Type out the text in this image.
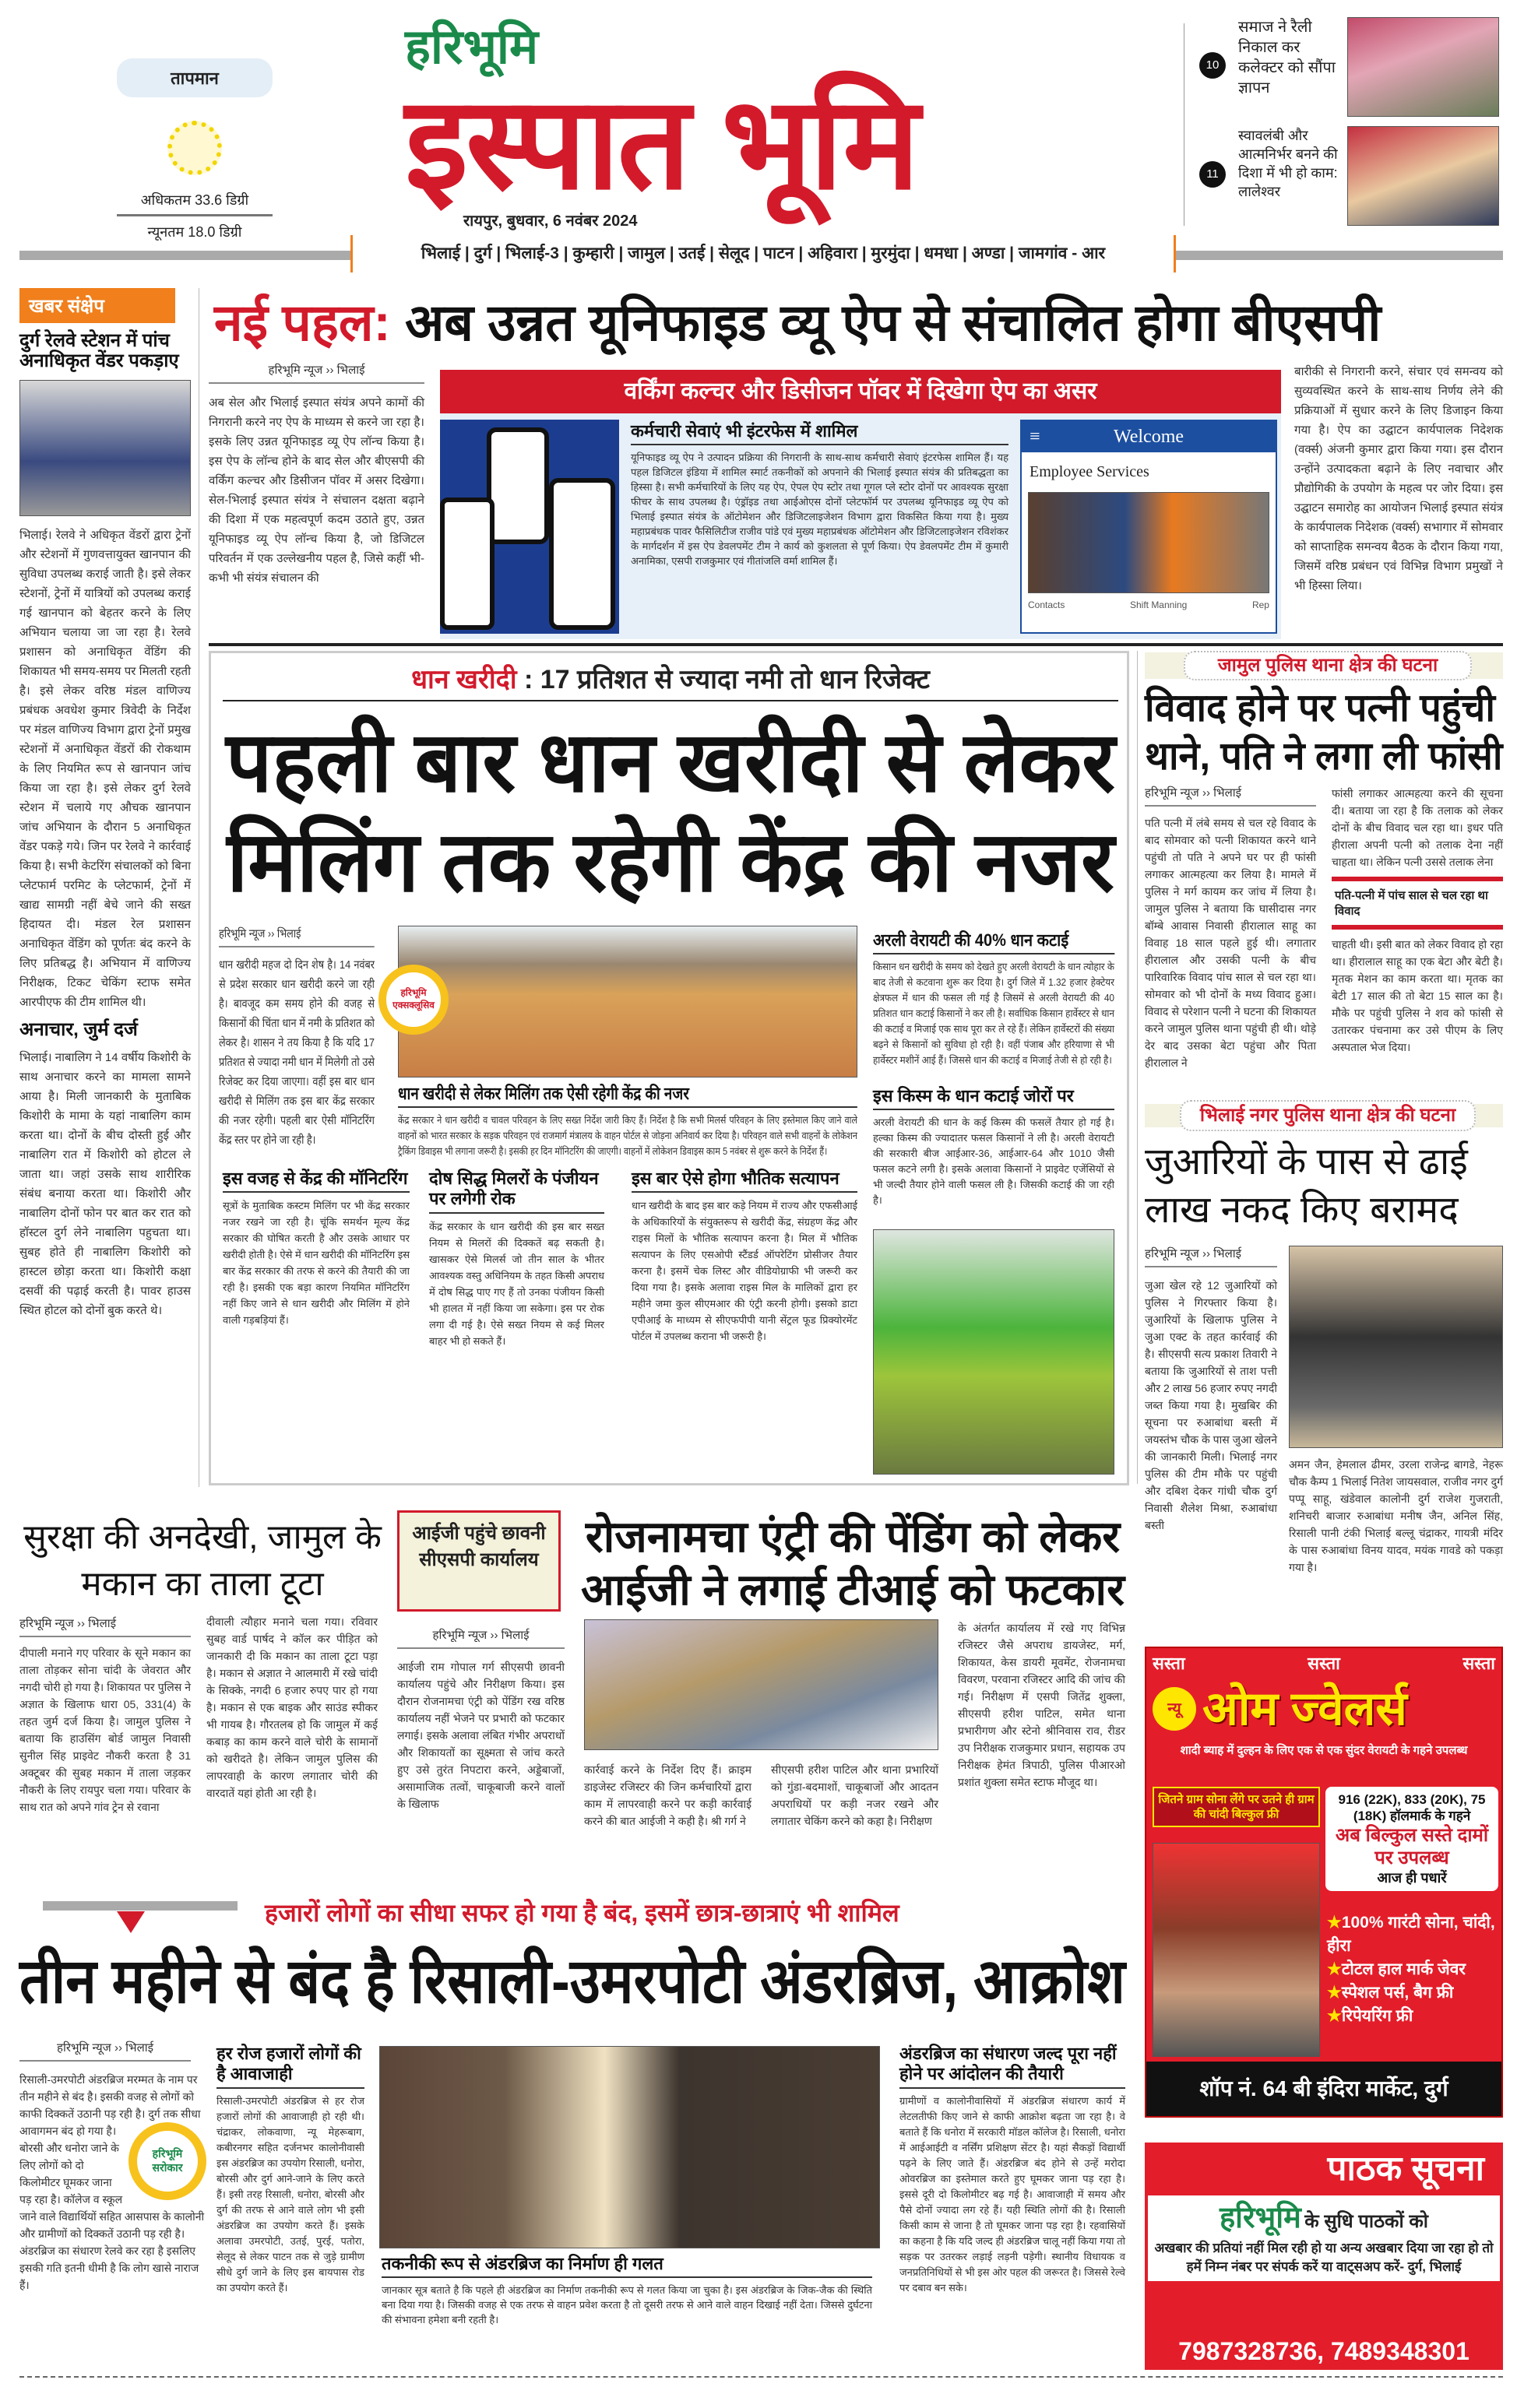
तापमान
अधिकतम 33.6 डिग्री
न्यूनतम 18.0 डिग्री
हरिभूमि
इस्पात भूमि
रायपुर, बुधवार, 6 नवंबर 2024
10
समाज ने रैली निकाल कर कलेक्टर को सौंपा ज्ञापन
11
स्वावलंबी और आत्मनिर्भर बनने की दिशा में भी हो काम: लालेश्वर
भिलाई | दुर्ग | भिलाई-3 | कुम्हारी | जामुल | उतई | सेलूद | पाटन | अहिवारा | मुरमुंदा | धमधा | अण्डा | जामगांव - आर
खबर संक्षेप
दुर्ग रेलवे स्टेशन में पांच अनाधिकृत वेंडर पकड़ाए
भिलाई। रेलवे ने अधिकृत वेंडरों द्वारा ट्रेनों और स्टेशनों में गुणवत्तायुक्त खानपान की सुविधा उपलब्ध कराई जाती है। इसे लेकर स्टेशनों, ट्रेनों में यात्रियों को उपलब्ध कराई गई खानपान को बेहतर करने के लिए अभियान चलाया जा जा रहा है। रेलवे प्रशासन को अनाधिकृत वेंडिंग की शिकायत भी समय-समय पर मिलती रहती है। इसे लेकर वरिष्ठ मंडल वाणिज्य प्रबंधक अवधेश कुमार त्रिवेदी के निर्देश पर मंडल वाणिज्य विभाग द्वारा ट्रेनों प्रमुख स्टेशनों में अनाधिकृत वेंडरों की रोकथाम के लिए नियमित रूप से खानपान जांच किया जा रहा है। इसे लेकर दुर्ग रेलवे स्टेशन में चलाये गए औचक खानपान जांच अभियान के दौरान 5 अनाधिकृत वेंडर पकड़े गये। जिन पर रेलवे ने कार्रवाई किया है। सभी केटरिंग संचालकों को बिना प्लेटफार्म परमिट के प्लेटफार्म, ट्रेनों में खाद्य सामग्री नहीं बेचे जाने की सख्त हिदायत दी। मंडल रेल प्रशासन अनाधिकृत वेंडिंग को पूर्णतः बंद करने के लिए प्रतिबद्ध है। अभियान में वाणिज्य निरीक्षक, टिकट चेकिंग स्टाफ समेत आरपीएफ की टीम शामिल थी।
अनाचार, जुर्म दर्ज
भिलाई। नाबालिग ने 14 वर्षीय किशोरी के साथ अनाचार करने का मामला सामने आया है। मिली जानकारी के मुताबिक किशोरी के मामा के यहां नाबालिग काम करता था। दोनों के बीच दोस्ती हुई और नाबालिग रात में किशोरी को होटल ले जाता था। जहां उसके साथ शारीरिक संबंध बनाया करता था। किशोरी और नाबालिग दोनों फोन पर बात कर रात को हॉस्टल दुर्ग लेने नाबालिग पहुचता था। सुबह होते ही नाबालिग किशोरी को हास्टल छोड़ा करता था। किशोरी कक्षा दसवीं की पढ़ाई करती है। पावर हाउस स्थित होटल को दोनों बुक करते थे।
नई पहल: अब उन्नत यूनिफाइड व्यू ऐप से संचालित होगा बीएसपी
हरिभूमि न्यूज ›› भिलाई
अब सेल और भिलाई इस्पात संयंत्र अपने कामों की निगरानी करने नए ऐप के माध्यम से करने जा रहा है। इसके लिए उन्नत यूनिफाइड व्यू ऐप लॉन्च किया है। इस ऐप के लॉन्च होने के बाद सेल और बीएसपी की वर्किंग कल्चर और डिसीजन पॉवर में असर दिखेगा। सेल-भिलाई इस्पात संयंत्र ने संचालन दक्षता बढ़ाने की दिशा में एक महत्वपूर्ण कदम उठाते हुए, उन्नत यूनिफाइड व्यू ऐप लॉन्च किया है, जो डिजिटल परिवर्तन में एक उल्लेखनीय पहल है, जिसे कहीं भी-कभी भी संयंत्र संचालन की
वर्किंग कल्चर और डिसीजन पॉवर में दिखेगा ऐप का असर
कर्मचारी सेवाएं भी इंटरफेस में शामिल
यूनिफाइड व्यू ऐप ने उत्पादन प्रक्रिया की निगरानी के साथ-साथ कर्मचारी सेवाएं इंटरफेस शामिल हैं। यह पहल डिजिटल इंडिया में शामिल स्मार्ट तकनीकों को अपनाने की भिलाई इस्पात संयंत्र की प्रतिबद्धता का हिस्सा है। सभी कर्मचारियों के लिए यह ऐप, ऐपल ऐप स्टोर तथा गूगल प्ले स्टोर दोनों पर आवश्यक सुरक्षा फीचर के साथ उपलब्ध है। एंड्रॉइड तथा आईओएस दोनों प्लेटफॉर्म पर उपलब्ध यूनिफाइड व्यू ऐप को भिलाई इस्पात संयंत्र के ऑटोमेशन और डिजिटलाइजेशन विभाग द्वारा विकसित किया गया है। मुख्य महाप्रबंधक पावर फैसिलिटीज राजीव पांडे एवं मुख्य महाप्रबंधक ऑटोमेशन और डिजिटलाइजेशन रविशंकर के मार्गदर्शन में इस ऐप डेवलपमेंट टीम ने कार्य को कुशलता से पूर्ण किया। ऐप डेवलपमेंट टीम में कुमारी अनामिका, एसपी राजकुमार एवं गीतांजलि वर्मा शामिल हैं।
≡	Welcome
Employee Services
Contacts	Shift Manning	Rep
बारीकी से निगरानी करने, संचार एवं समन्वय को सुव्यवस्थित करने के साथ-साथ निर्णय लेने की प्रक्रियाओं में सुधार करने के लिए डिजाइन किया गया है। ऐप का उद्घाटन कार्यपालक निदेशक (वर्क्स) अंजनी कुमार द्वारा किया गया। इस दौरान उन्होंने उत्पादकता बढ़ाने के लिए नवाचार और प्रौद्योगिकी के उपयोग के महत्व पर जोर दिया। इस उद्घाटन समारोह का आयोजन भिलाई इस्पात संयंत्र के कार्यपालक निदेशक (वर्क्स) सभागार में सोमवार को साप्ताहिक समन्वय बैठक के दौरान किया गया, जिसमें वरिष्ठ प्रबंधन एवं विभिन्न विभाग प्रमुखों ने भी हिस्सा लिया।
धान खरीदी : 17 प्रतिशत से ज्यादा नमी तो धान रिजेक्ट
पहली बार धान खरीदी से लेकर मिलिंग तक रहेगी केंद्र की नजर
हरिभूमि न्यूज ›› भिलाई
धान खरीदी महज दो दिन शेष है। 14 नवंबर से प्रदेश सरकार धान खरीदी करने जा रही है। बावजूद कम समय होने की वजह से किसानों की चिंता धान में नमी के प्रतिशत को लेकर है। शासन ने तय किया है कि यदि 17 प्रतिशत से ज्यादा नमी धान में मिलेगी तो उसे रिजेक्ट कर दिया जाएगा। वहीं इस बार धान खरीदी से मिलिंग तक इस बार केंद्र सरकार की नजर रहेगी। पहली बार ऐसी मॉनिटरिंग केंद्र स्तर पर होने जा रही है।
हरिभूमि एक्सक्लूसिव
धान खरीदी से लेकर मिलिंग तक ऐसी रहेगी केंद्र की नजर
केंद्र सरकार ने धान खरीदी व चावल परिवहन के लिए सख्त निर्देश जारी किए हैं। निर्देश है कि सभी मिलर्स परिवहन के लिए इस्तेमाल किए जाने वाले वाहनों को भारत सरकार के सड़क परिवहन एवं राजमार्ग मंत्रालय के वाहन पोर्टल से जोड़ना अनिवार्य कर दिया है। परिवहन वाले सभी वाहनों के लोकेशन ट्रैकिंग डिवाइस भी लगाना जरूरी है। इसकी हर दिन मॉनिटरिंग की जाएगी। वाहनों में लोकेशन डिवाइस काम 5 नवंबर से शुरू करने के निर्देश हैं।
अरली वेरायटी की 40% धान कटाई
किसान धन खरीदी के समय को देखते हुए अरली वेरायटी के धान त्योहार के बाद तेजी से कटवाना शुरू कर दिया है। दुर्ग जिले में 1.32 हजार हेक्टेयर क्षेत्रफल में धान की फसल ली गई है जिसमें से अरली वेरायटी की 40 प्रतिशत धान कटाई किसानों ने कर ली है। सर्वाधिक किसान हार्वेस्टर से धान की कटाई व मिजाई एक साथ पूरा कर ले रहे हैं। लेकिन हार्वेस्टरों की संख्या बढ़ने से किसानों को सुविधा हो रही है। वहीं पंजाब और हरियाणा से भी हार्वेस्टर मशीनें आई हैं। जिससे धान की कटाई व मिजाई तेजी से हो रही है।
इस किस्म के धान कटाई जोरों पर
अरली वेरायटी की धान के कई किस्म की फसलें तैयार हो गई है। हल्का किस्म की ज्यादातर फसल किसानों ने ली है। अरली वेरायटी की सरकारी बीज आईआर-36, आईआर-64 और 1010 जैसी फसल कटने लगी है। इसके अलावा किसानों ने प्राइवेट एजेंसियों से भी जल्दी तैयार होने वाली फसल ली है। जिसकी कटाई की जा रही है।
इस वजह से केंद्र की मॉनिटरिंग
सूत्रों के मुताबिक कस्टम मिलिंग पर भी केंद्र सरकार नजर रखने जा रही है। चूंकि समर्थन मूल्य केंद्र सरकार की घोषित करती है और उसके आधार पर खरीदी होती है। ऐसे में धान खरीदी की मॉनिटरिंग इस बार केंद्र सरकार की तरफ से करने की तैयारी की जा रही है। इसकी एक बड़ा कारण नियमित मॉनिटरिंग नहीं किए जाने से धान खरीदी और मिलिंग में होने वाली गड़बड़ियां हैं।
दोष सिद्ध मिलरों के पंजीयन पर लगेगी रोक
केंद्र सरकार के धान खरीदी की इस बार सख्त नियम से मिलरों की दिक्कतें बढ़ सकती है। खासकर ऐसे मिलर्स जो तीन साल के भीतर आवश्यक वस्तु अधिनियम के तहत किसी अपराध में दोष सिद्ध पाए गए हैं तो उनका पंजीयन किसी भी हालत में नहीं किया जा सकेगा। इस पर रोक लगा दी गई है। ऐसे सख्त नियम से कई मिलर बाहर भी हो सकते हैं।
इस बार ऐसे होगा भौतिक सत्यापन
धान खरीदी के बाद इस बार कड़े नियम में राज्य और एफसीआई के अधिकारियों के संयुक्तरूप से खरीदी केंद्र, संग्रहण केंद्र और राइस मिलों के भौतिक सत्यापन करना है। मिल में भौतिक सत्यापन के लिए एसओपी स्टैंडर्ड ऑपरेटिंग प्रोसीजर तैयार करना है। इसमें चेक लिस्ट और वीडियोग्राफी भी जरूरी कर दिया गया है। इसके अलावा राइस मिल के मालिकों द्वारा हर महीने जमा कुल सीएमआर की एंट्री करनी होगी। इसको डाटा एपीआई के माध्यम से सीएफपीपी यानी सेंट्रल फूड प्रिक्योरमेंट पोर्टल में उपलब्ध कराना भी जरूरी है।
जामुल पुलिस थाना क्षेत्र की घटना
विवाद होने पर पत्नी पहुंची थाने, पति ने लगा ली फांसी
हरिभूमि न्यूज ›› भिलाई
पति पत्नी में लंबे समय से चल रहे विवाद के बाद सोमवार को पत्नी शिकायत करने थाने पहुंची तो पति ने अपने घर पर ही फांसी लगाकर आत्महत्या कर लिया है। मामले में पुलिस ने मर्ग कायम कर जांच में लिया है। जामुल पुलिस ने बताया कि घासीदास नगर बॉम्बे आवास निवासी हीरालाल साहू का विवाह 18 साल पहले हुई थी। लगातार हीरालाल और उसकी पत्नी के बीच पारिवारिक विवाद पांच साल से चल रहा था। सोमवार को भी दोनों के मध्य विवाद हुआ। विवाद से परेशान पत्नी ने घटना की शिकायत करने जामुल पुलिस थाना पहुंची ही थी। थोड़े देर बाद उसका बेटा पहुंचा और पिता हीरालाल ने
फांसी लगाकर आत्महत्या करने की सूचना दी। बताया जा रहा है कि तलाक को लेकर दोनों के बीच विवाद चल रहा था। इधर पति हीराला अपनी पत्नी को तलाक देना नहीं चाहता था। लेकिन पत्नी उससे तलाक लेना
पति-पत्नी में पांच साल से चल रहा था विवाद
चाहती थी। इसी बात को लेकर विवाद हो रहा था। हीरालाल साहू का एक बेटा और बेटी है। मृतक मेशन का काम करता था। मृतक का बेटी 17 साल की तो बेटा 15 साल का है। मौके पर पहुंची पुलिस ने शव को फांसी से उतारकर पंचनामा कर उसे पीएम के लिए अस्पताल भेज दिया।
भिलाई नगर पुलिस थाना क्षेत्र की घटना
जुआरियों के पास से ढाई लाख नकद किए बरामद
हरिभूमि न्यूज ›› भिलाई
जुआ खेल रहे 12 जुआरियों को पुलिस ने गिरफ्तार किया है। जुआरियों के खिलाफ पुलिस ने जुआ एक्ट के तहत कार्रवाई की है। सीएसपी सत्य प्रकाश तिवारी ने बताया कि जुआरियों से ताश पत्ती और 2 लाख 56 हजार रुपए नगदी जब्त किया गया है। मुखबिर की सूचना पर रुआबांधा बस्ती में जयस्तंभ चौक के पास जुआ खेलने की जानकारी मिली। भिलाई नगर पुलिस की टीम मौके पर पहुंची और दबिश देकर गांधी चौक दुर्ग निवासी शैलेश मिश्रा, रुआबांधा बस्ती
अमन जैन, हेमलाल ढीमर, उरला राजेन्द्र बागडे, नेहरू चौक कैम्प 1 भिलाई नितेश जायसवाल, राजीव नगर दुर्ग पप्पू साहू, खंडेवाल कालोनी दुर्ग राजेश गुजराती, शनिचरी बाजार रुआबांधा मनीष जैन, अनिल सिंह, रिसाली पानी टंकी भिलाई बल्लू चंद्राकर, गायत्री मंदिर के पास रुआबांधा विनय यादव, मयंक गावडे को पकड़ा गया है।
सुरक्षा की अनदेखी, जामुल के मकान का ताला टूटा
हरिभूमि न्यूज ›› भिलाई
दीपाली मनाने गए परिवार के सूने मकान का ताला तोड़कर सोना चांदी के जेवरात और नगदी चोरी हो गया है। शिकायत पर पुलिस ने अज्ञात के खिलाफ धारा 05, 331(4) के तहत जुर्म दर्ज किया है। जामुल पुलिस ने बताया कि हाउसिंग बोर्ड जामुल निवासी सुनील सिंह प्राइवेट नौकरी करता है 31 अक्टूबर की सुबह मकान में ताला जड़कर नौकरी के लिए रायपुर चला गया। परिवार के साथ रात को अपने गांव ट्रेन से रवाना
दीवाली त्यौहार मनाने चला गया। रविवार सुबह वार्ड पार्षद ने कॉल कर पीड़ित को जानकारी दी कि मकान का ताला टूटा पड़ा है। मकान से अज्ञात ने आलमारी में रखे चांदी के सिक्के, नगदी 6 हजार रुपए पार हो गया है। मकान से एक बाइक और साउंड स्पीकर भी गायब है। गौरतलब हो कि जामुल में कई कबाड़ का काम करने वाले चोरी के सामानों को खरीदते है। लेकिन जामुल पुलिस की लापरवाही के कारण लगातार चोरी की वारदातें यहां होती आ रही है।
आईजी पहुंचे छावनी सीएसपी कार्यालय	रोजनामचा एंट्री की पेंडिंग को लेकर आईजी ने लगाई टीआई को फटकार
हरिभूमि न्यूज ›› भिलाई
आईजी राम गोपाल गर्ग सीएसपी छावनी कार्यालय पहुंचे और निरीक्षण किया। इस दौरान रोजनामचा एंट्री को पेंडिंग रख वरिष्ठ कार्यालय नहीं भेजने पर प्रभारी को फटकार लगाई। इसके अलावा लंबित गंभीर अपराधों और शिकायतों का सूक्ष्मता से जांच करते हुए उसे तुरंत निपटारा करने, अड्डेबाजों, असामाजिक तत्वों, चाकूबाजी करने वालों के खिलाफ
कार्रवाई करने के निर्देश दिए हैं। क्राइम डाइजेस्ट रजिस्टर की जिन कर्मचारियों द्वारा काम में लापरवाही करने पर कड़ी कार्रवाई करने की बात आईजी ने कही है। श्री गर्ग ने
सीएसपी हरीश पाटिल और थाना प्रभारियों को गुंडा-बदमाशों, चाकूबाजों और आदतन अपराधियों पर कड़ी नजर रखने और लगातार चेकिंग करने को कहा है। निरीक्षण
के अंतर्गत कार्यालय में रखे गए विभिन्न रजिस्टर जैसे अपराध डायजेस्ट, मर्ग, शिकायत, केस डायरी मूवमेंट, रोजनामचा विवरण, परवाना रजिस्टर आदि की जांच की गई। निरीक्षण में एसपी जितेंद्र शुक्ला, सीएसपी हरीश पाटिल, समेत थाना प्रभारीगण और स्टेनो श्रीनिवास राव, रीडर उप निरीक्षक राजकुमार प्रधान, सहायक उप निरीक्षक हेमंत त्रिपाठी, पुलिस पीआरओ प्रशांत शुक्ला समेत स्टाफ मौजूद था।
सस्ता	सस्ता	सस्ता
न्यू ओम ज्वेलर्स
शादी ब्याह में दुल्हन के लिए एक से एक सुंदर वेरायटी के गहने उपलब्ध
जितने ग्राम सोना लेंगे पर उतने ही ग्राम की चांदी बिल्कुल फ्री
916 (22K), 833 (20K), 75 (18K) हॉलमार्क के गहने
अब बिल्कुल सस्ते दामों पर उपलब्ध
आज ही पधारें
★100% गारंटी सोना, चांदी, हीरा
★टोटल हाल मार्क जेवर
★स्पेशल पर्स, बैग फ्री
★रिपेयरिंग फ्री
शॉप नं. 64 बी इंदिरा मार्केट, दुर्ग
हजारों लोगों का सीधा सफर हो गया है बंद, इसमें छात्र-छात्राएं भी शामिल
तीन महीने से बंद है रिसाली-उमरपोटी अंडरब्रिज, आक्रोश
हरिभूमि न्यूज ›› भिलाई
हरिभूमि सरोकार
रिसाली-उमरपोटी अंडरब्रिज मरम्मत के नाम पर तीन महीने से बंद है। इसकी वजह से लोगों को काफी दिक्कतें उठानी पड़ रही है। दुर्ग तक सीधा आवागमन बंद हो गया है। बोरसी और धनोरा जाने के लिए लोगों को दो किलोमीटर घूमकर जाना पड़ रहा है। कॉलेज व स्कूल जाने वाले विद्यार्थियों सहित आसपास के कालोनी और ग्रामीणों को दिक्कतें उठानी पड़ रही है। अंडरब्रिज का संधारण रेलवे कर रहा है इसलिए इसकी गति इतनी धीमी है कि लोग खासे नाराज हैं।
हर रोज हजारों लोगों की है आवाजाही
रिसाली-उमरपोटी अंडरब्रिज से हर रोज हजारों लोगों की आवाजाही हो रही थी। चंद्राकर, लोकवाणा, न्यू मेहरूबाग, कबीरनगर सहित दर्जनभर कालोनीवासी इस अंडरब्रिज का उपयोग रिसाली, धनोरा, बोरसी और दुर्ग आने-जाने के लिए करते हैं। इसी तरह रिसाली, धनोरा, बोरसी और दुर्ग की तरफ से आने वाले लोग भी इसी अंडरब्रिज का उपयोग करते हैं। इसके अलावा उमरपोटी, उतई, पुरई, पतोरा, सेलूद से लेकर पाटन तक से जुड़े ग्रामीण सीधे दुर्ग जाने के लिए इस बायपास रोड का उपयोग करते हैं।
तकनीकी रूप से अंडरब्रिज का निर्माण ही गलत
जानकार सूत्र बताते है कि पहले ही अंडरब्रिज का निर्माण तकनीकी रूप से गलत किया जा चुका है। इस अंडरब्रिज के जिक-जैक की स्थिति बना दिया गया है। जिसकी वजह से एक तरफ से वाहन प्रवेश करता है तो दूसरी तरफ से आने वाले वाहन दिखाई नहीं देता। जिससे दुर्घटना की संभावना हमेशा बनी रहती है।
अंडरब्रिज का संधारण जल्द पूरा नहीं होने पर आंदोलन की तैयारी
ग्रामीणों व कालोनीवासियों में अंडरब्रिज संधारण कार्य में लेटलतीफी किए जाने से काफी आक्रोश बढ़ता जा रहा है। वे बताते हैं कि धनोरा में सरकारी मॉडल कॉलेज है। रिसाली, धनोरा में आईआईटी व नर्सिंग प्रशिक्षण सेंटर है। यहां सैकड़ों विद्यार्थी पढ़ने के लिए जाते हैं। अंडरब्रिज बंद होने से उन्हें मरोदा ओवरब्रिज का इस्तेमाल करते हुए घूमकर जाना पड़ रहा है। इससे दूरी दो किलोमीटर बढ़ गई है। आवाजाही में समय और पैसे दोनों ज्यादा लग रहे हैं। यही स्थिति लोगों की है। रिसाली किसी काम से जाना है तो घूमकर जाना पड़ रहा है। रहवासियों का कहना है कि यदि जल्द ही अंडरब्रिज चालू नहीं किया गया तो सड़क पर उतरकर लड़ाई लड़नी पड़ेगी। स्थानीय विधायक व जनप्रतिनिधियों से भी इस ओर पहल की जरूरत है। जिससे रेल्वे पर दबाव बन सके।
पाठक सूचना
हरिभूमि के सुधि पाठकों को
अखबार की प्रतियां नहीं मिल रही हो या अन्य अखबार दिया जा रहा हो तो हमें निम्न नंबर पर संपर्क करें या वाट्सअप करें- दुर्ग, भिलाई
7987328736, 7489348301
